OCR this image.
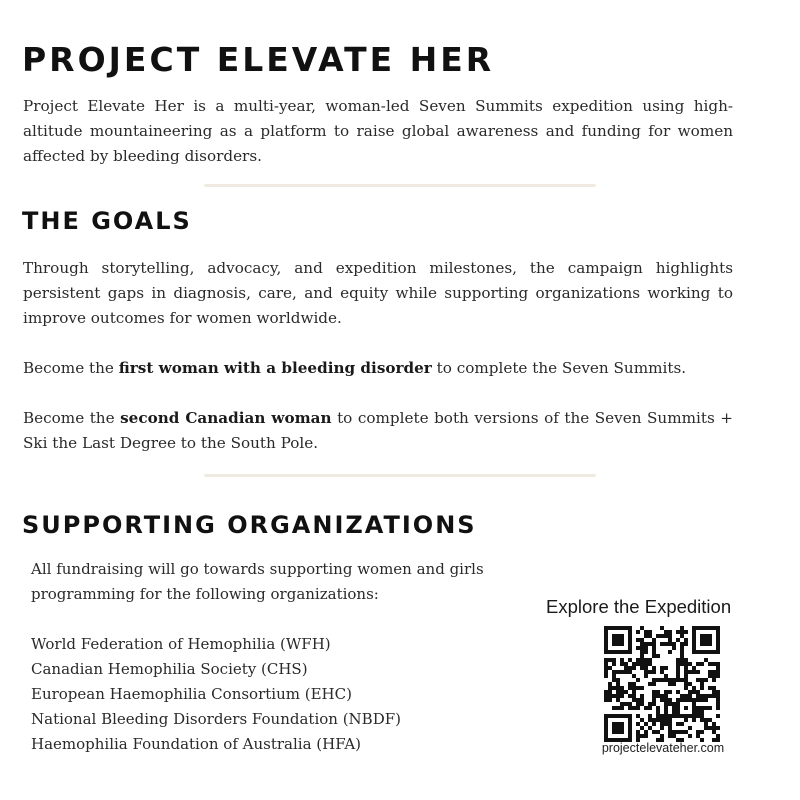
PROJECT ELEVATE HER

Project Elevate Her is a multi-year, woman-led Seven Summits expedition using high-altitude mountaineering as a platform to raise global awareness and funding for women affected by bleeding disorders.

THE GOALS

Through storytelling, advocacy, and expedition milestones, the campaign highlights persistent gaps in diagnosis, care, and equity while supporting organizations working to improve outcomes for women worldwide.

Become the first woman with a bleeding disorder to complete the Seven Summits.

Become the second Canadian woman to complete both versions of the Seven Summits + Ski the Last Degree to the South Pole.

SUPPORTING ORGANIZATIONS

All fundraising will go towards supporting women and girls programming for the following organizations:

World Federation of Hemophilia (WFH)
Canadian Hemophilia Society (CHS)
European Haemophilia Consortium (EHC)
National Bleeding Disorders Foundation (NBDF)
Haemophilia Foundation of Australia (HFA)

Explore the Expedition

projectelevateher.com
